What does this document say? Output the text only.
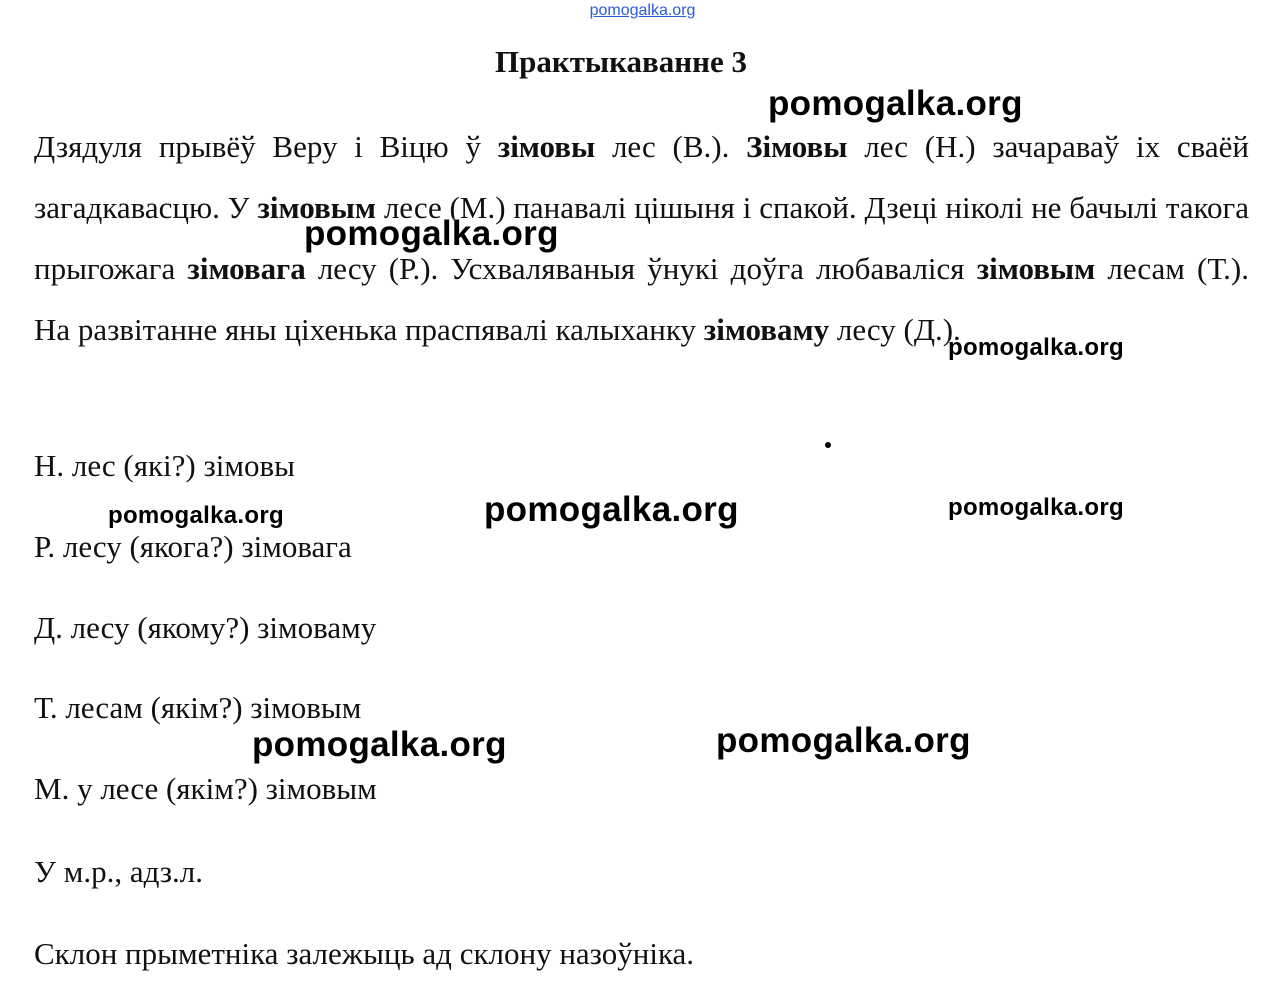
pomogalka.org
Практыкаванне 3

Дзядуля прывёў Веру і Віцю ў зімовы лес (В.). Зімовы лес (Н.) зачараваў іх сваёй загадкавасцю. У зімовым лесе (М.) панавалі цішыня і спакой. Дзеці ніколі не бачылі такога прыгожага зімовага лесу (Р.). Усхваляваныя ўнукі доўга любаваліся зімовым лесам (Т.). На развітанне яны ціхенька праспявалі калыханку зімоваму лесу (Д.).

Н. лес (які?) зімовы
Р. лесу (якога?) зімовага
Д. лесу (якому?) зімоваму
Т. лесам (якім?) зімовым
М. у лесе (якім?) зімовым
У м.р., адз.л.
Склон прыметніка залежыць ад склону назоўніка.
pomogalka.org
pomogalka.org
pomogalka.org
pomogalka.org	pomogalka.org
pomogalka.org
pomogalka.org	pomogalka.org
